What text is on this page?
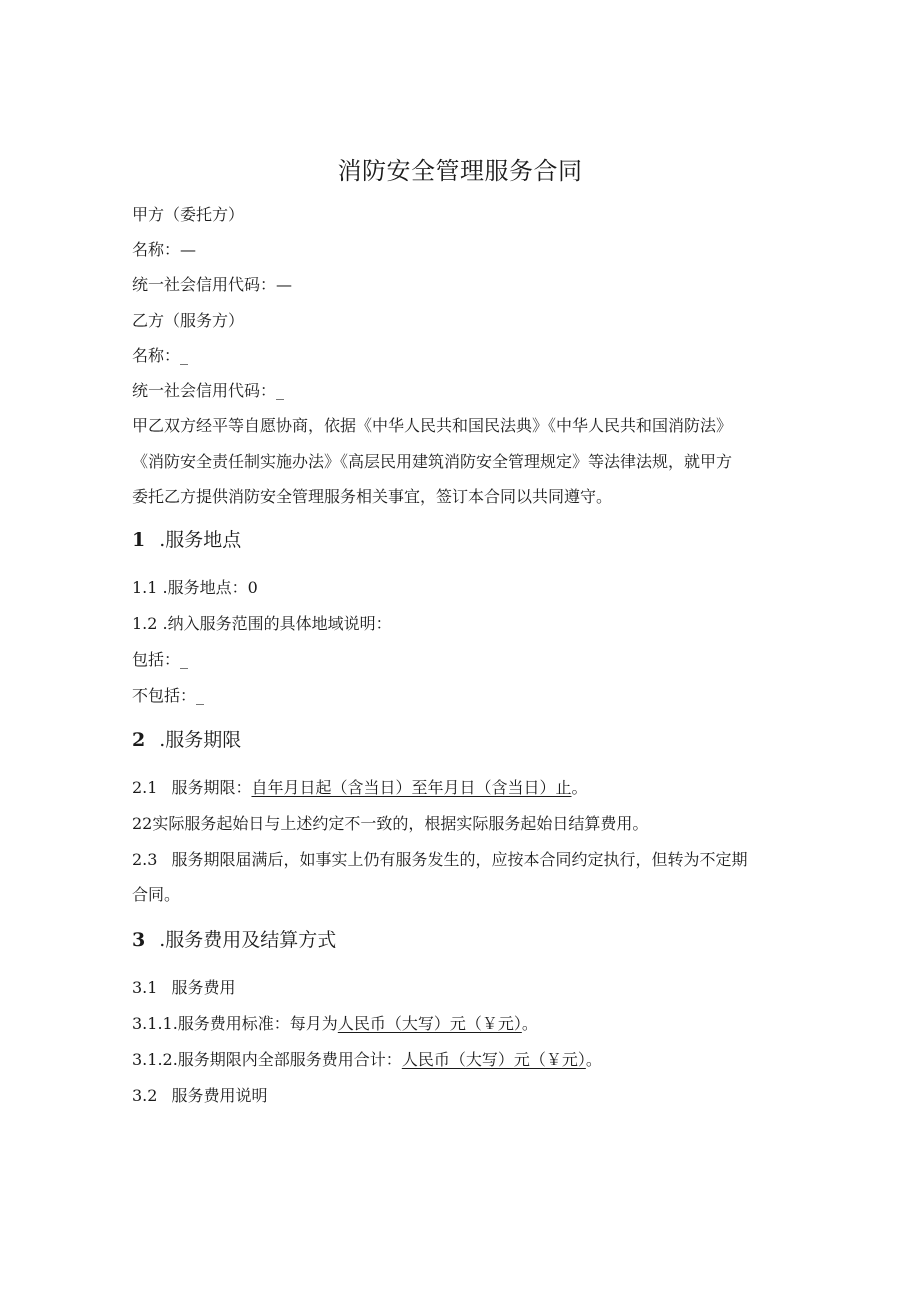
消防安全管理服务合同

甲方（委托方）

名称：—

统一社会信用代码：—

乙方（服务方）

名称：_

统一社会信用代码：_

甲乙双方经平等自愿协商，依据《中华人民共和国民法典》《中华人民共和国消防法》

《消防安全责任制实施办法》《高层民用建筑消防安全管理规定》等法律法规，就甲方

委托乙方提供消防安全管理服务相关事宜，签订本合同以共同遵守。

1 .服务地点

1.1 .服务地点：0

1.2 .纳入服务范围的具体地域说明：

包括：_

不包括：_

2 .服务期限

2.1 服务期限：自年月日起（含当日）至年月日（含当日）止。

22实际服务起始日与上述约定不一致的，根据实际服务起始日结算费用。

2.3 服务期限届满后，如事实上仍有服务发生的，应按本合同约定执行，但转为不定期

合同。

3 .服务费用及结算方式

3.1 服务费用

3.1.1.服务费用标准：每月为人民币（大写）元（￥元）。

3.1.2.服务期限内全部服务费用合计：人民币（大写）元（￥元）。

3.2 服务费用说明
